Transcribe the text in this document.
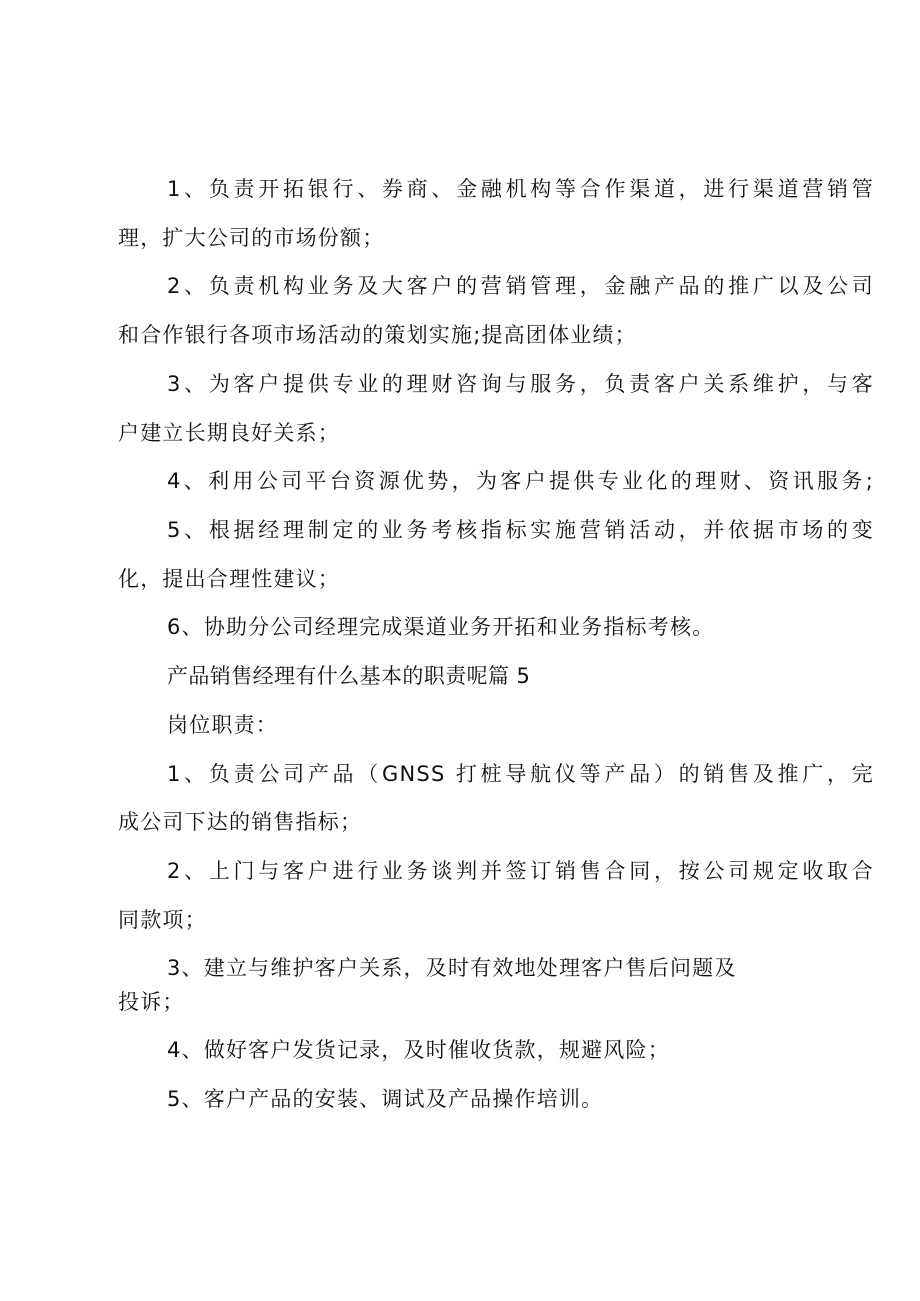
1、负责开拓银行、券商、金融机构等合作渠道，进行渠道营销管

理，扩大公司的市场份额；

2、负责机构业务及大客户的营销管理，金融产品的推广以及公司

和合作银行各项市场活动的策划实施;提高团体业绩；

3、为客户提供专业的理财咨询与服务，负责客户关系维护，与客

户建立长期良好关系；

4、利用公司平台资源优势，为客户提供专业化的理财、资讯服务;

5、根据经理制定的业务考核指标实施营销活动，并依据市场的变

化，提出合理性建议；

6、协助分公司经理完成渠道业务开拓和业务指标考核。

产品销售经理有什么基本的职责呢篇 5

岗位职责：

1、负责公司产品（GNSS 打桩导航仪等产品）的销售及推广，完

成公司下达的销售指标；

2、上门与客户进行业务谈判并签订销售合同，按公司规定收取合

同款项；

3、建立与维护客户关系，及时有效地处理客户售后问题及

投诉；

4、做好客户发货记录，及时催收货款，规避风险；

5、客户产品的安装、调试及产品操作培训。
